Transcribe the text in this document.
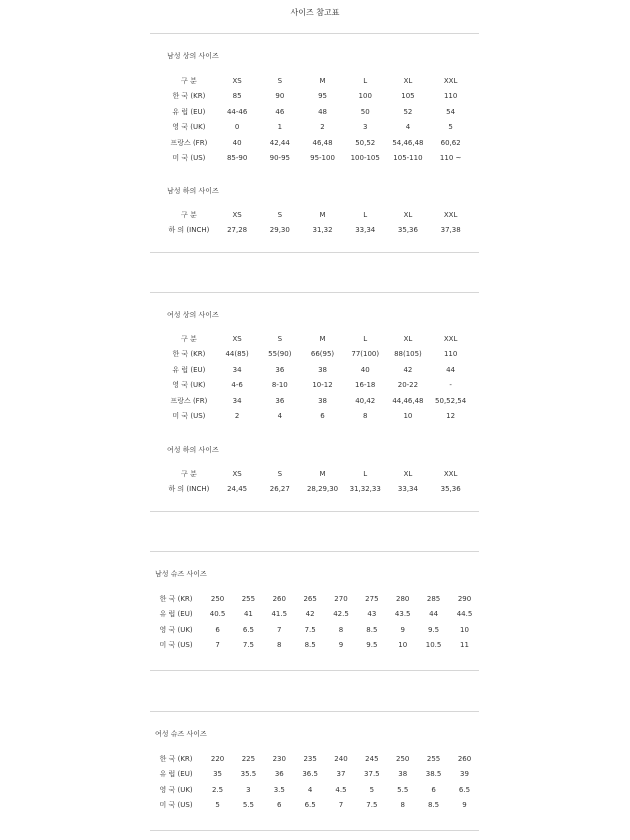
사이즈 참고표
남성 상의 사이즈
구 분	XS	S	M	L	XL	XXL
한 국 (KR)	85	90	95	100	105	110
유 럽 (EU)	44-46	46	48	50	52	54
영 국 (UK)	0	1	2	3	4	5
프랑스 (FR)	40	42,44	46,48	50,52	54,46,48	60,62
미 국 (US)	85-90	90-95	95-100	100-105	105-110	110 ~
남성 하의 사이즈
구 분	XS	S	M	L	XL	XXL
하 의 (INCH)	27,28	29,30	31,32	33,34	35,36	37,38
여성 상의 사이즈
구 분	XS	S	M	L	XL	XXL
한 국 (KR)	44(85)	55(90)	66(95)	77(100)	88(105)	110
유 럽 (EU)	34	36	38	40	42	44
영 국 (UK)	4-6	8-10	10-12	16-18	20-22	-
프랑스 (FR)	34	36	38	40,42	44,46,48	50,52,54
미 국 (US)	2	4	6	8	10	12
여성 하의 사이즈
구 분	XS	S	M	L	XL	XXL
하 의 (INCH)	24,45	26,27	28,29,30	31,32,33	33,34	35,36
남성 슈즈 사이즈
한 국 (KR)	250	255	260	265	270	275	280	285	290
유 럽 (EU)	40.5	41	41.5	42	42.5	43	43.5	44	44.5
영 국 (UK)	6	6.5	7	7.5	8	8.5	9	9.5	10
미 국 (US)	7	7.5	8	8.5	9	9.5	10	10.5	11
여성 슈즈 사이즈
한 국 (KR)	220	225	230	235	240	245	250	255	260
유 럽 (EU)	35	35.5	36	36.5	37	37.5	38	38.5	39
영 국 (UK)	2.5	3	3.5	4	4.5	5	5.5	6	6.5
미 국 (US)	5	5.5	6	6.5	7	7.5	8	8.5	9
